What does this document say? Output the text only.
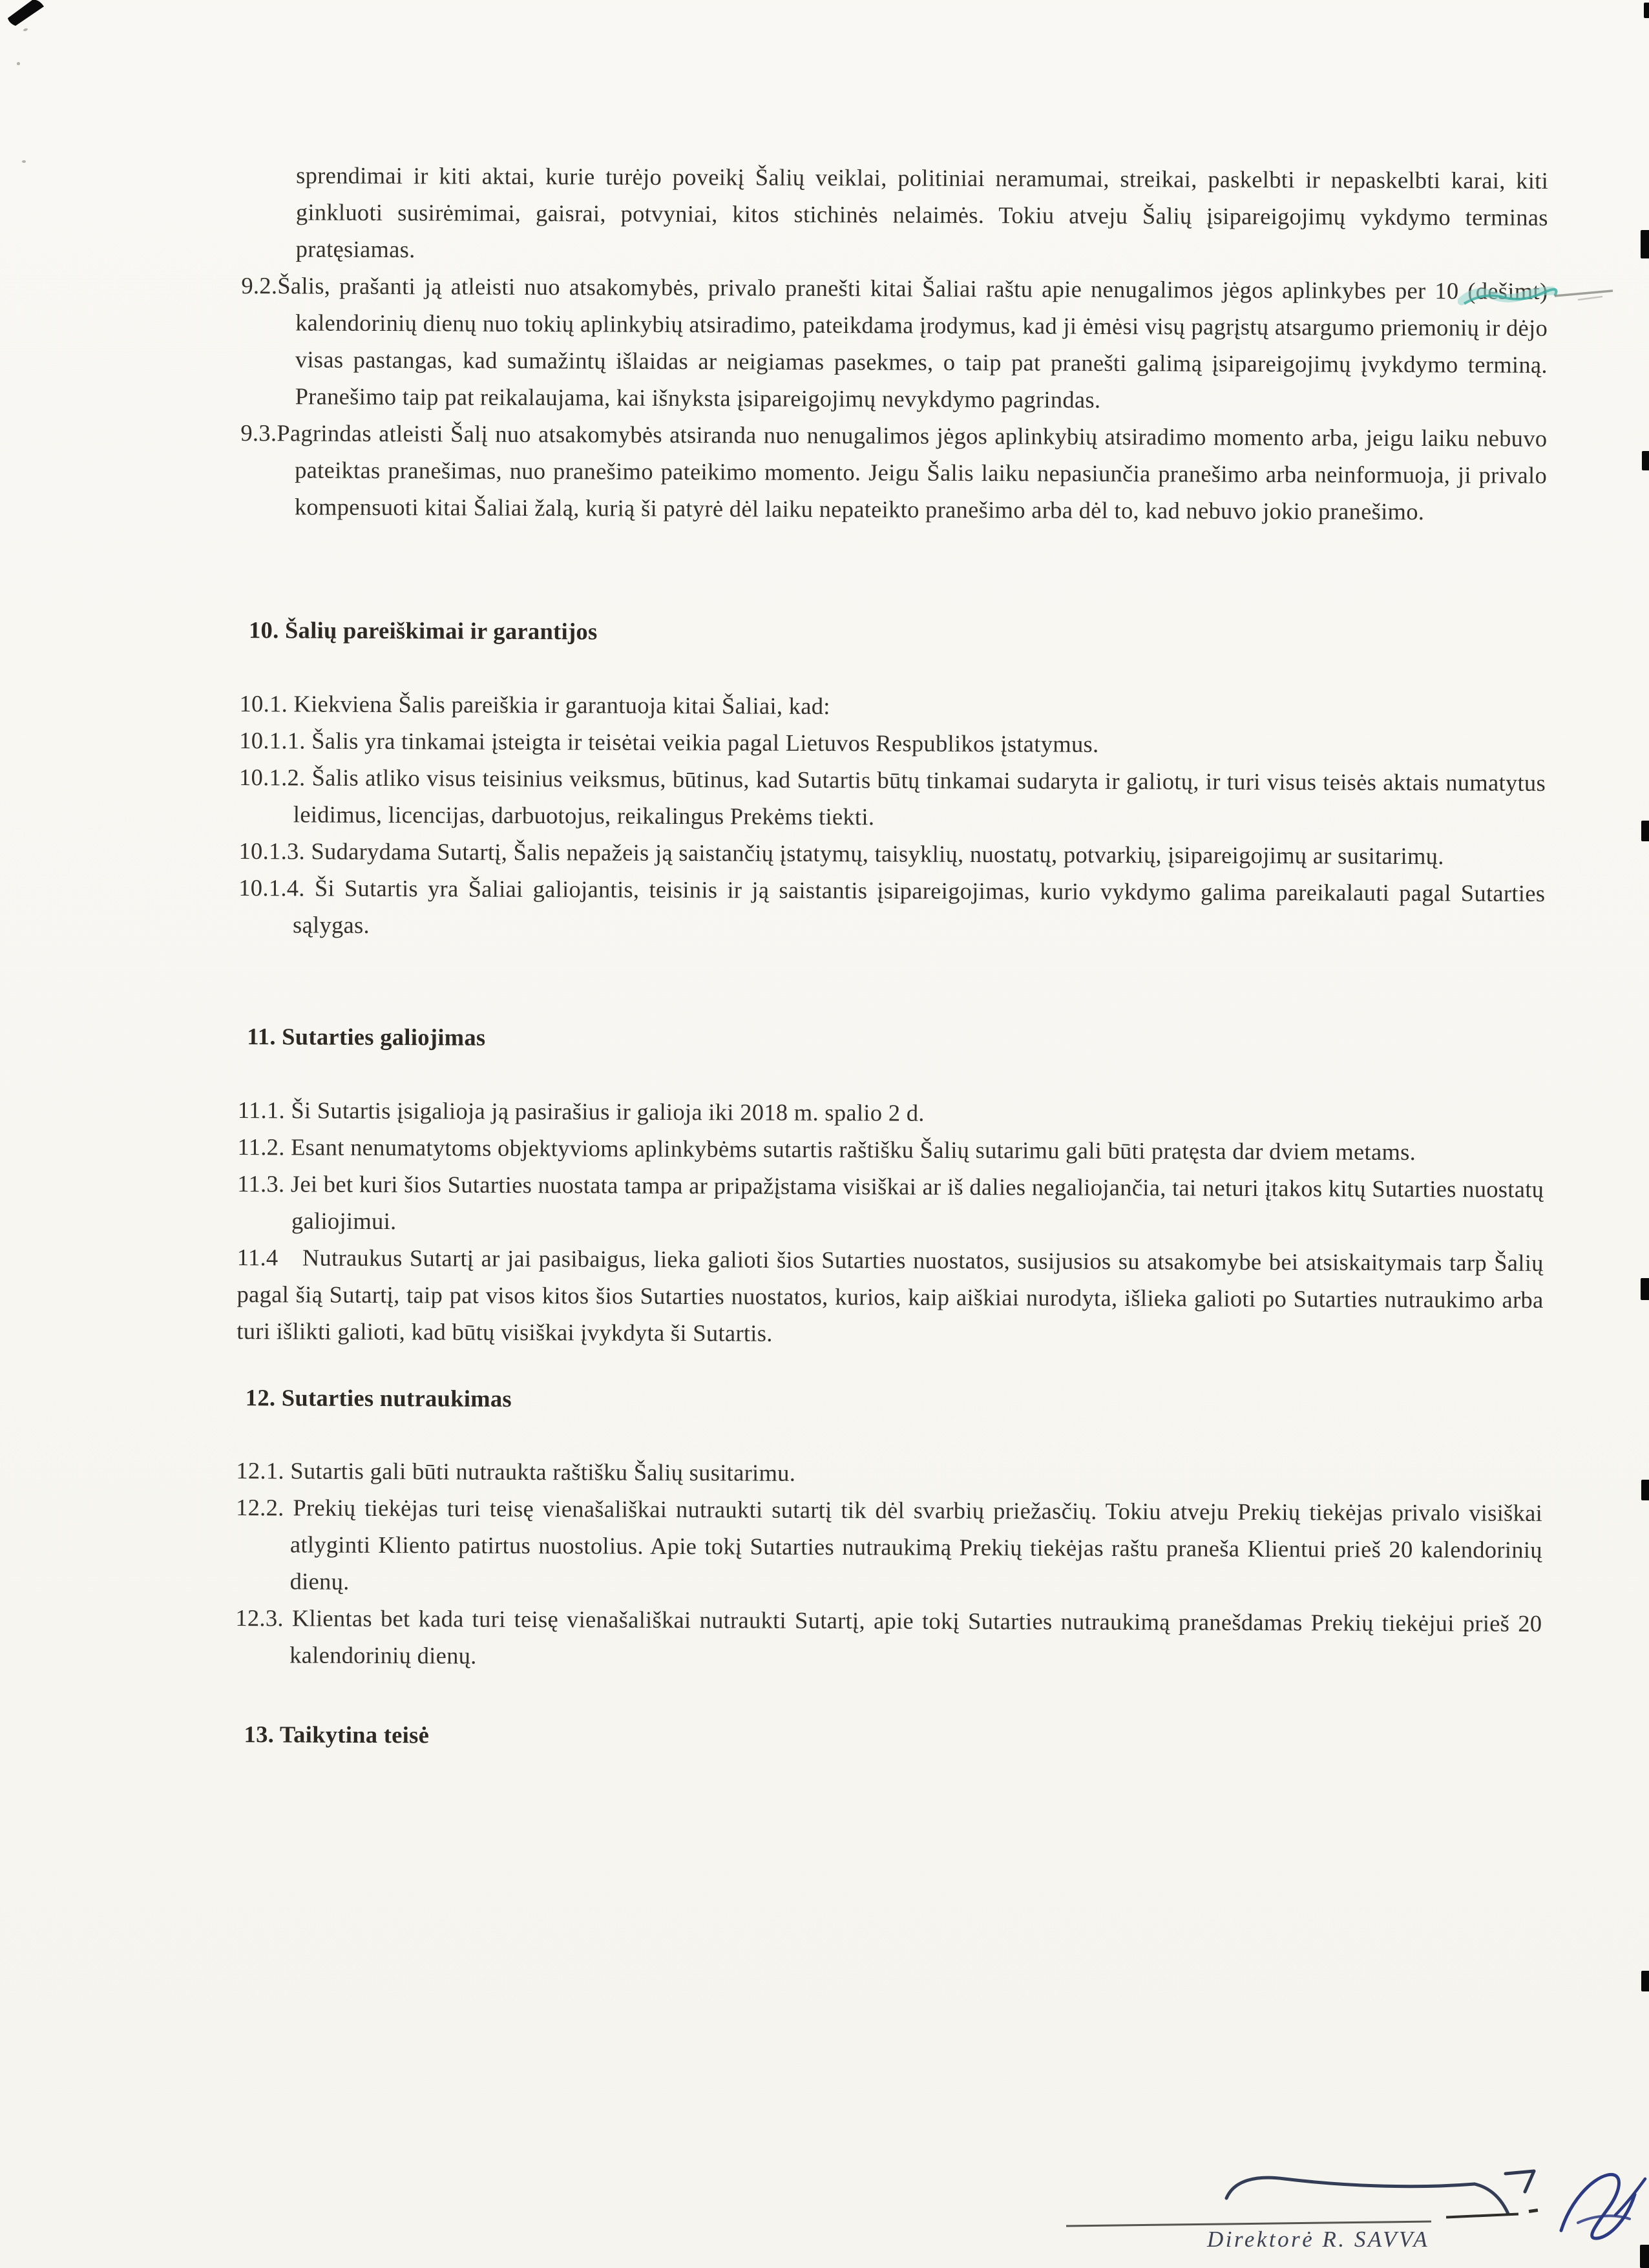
sprendimai ir kiti aktai, kurie turėjo poveikį Šalių veiklai, politiniai neramumai, streikai, paskelbti ir nepaskelbti karai, kiti ginkluoti susirėmimai, gaisrai, potvyniai, kitos stichinės nelaimės. Tokiu atveju Šalių įsipareigojimų vykdymo terminas pratęsiamas.

9.2.Šalis, prašanti ją atleisti nuo atsakomybės, privalo pranešti kitai Šaliai raštu apie nenugalimos jėgos aplinkybes per 10 (dešimt) kalendorinių dienų nuo tokių aplinkybių atsiradimo, pateikdama įrodymus, kad ji ėmėsi visų pagrįstų atsargumo priemonių ir dėjo visas pastangas, kad sumažintų išlaidas ar neigiamas pasekmes, o taip pat pranešti galimą įsipareigojimų įvykdymo terminą. Pranešimo taip pat reikalaujama, kai išnyksta įsipareigojimų nevykdymo pagrindas.

9.3.Pagrindas atleisti Šalį nuo atsakomybės atsiranda nuo nenugalimos jėgos aplinkybių atsiradimo momento arba, jeigu laiku nebuvo pateiktas pranešimas, nuo pranešimo pateikimo momento. Jeigu Šalis laiku nepasiunčia pranešimo arba neinformuoja, ji privalo kompensuoti kitai Šaliai žalą, kurią ši patyrė dėl laiku nepateikto pranešimo arba dėl to, kad nebuvo jokio pranešimo.

10. Šalių pareiškimai ir garantijos

10.1. Kiekviena Šalis pareiškia ir garantuoja kitai Šaliai, kad:

10.1.1. Šalis yra tinkamai įsteigta ir teisėtai veikia pagal Lietuvos Respublikos įstatymus.

10.1.2. Šalis atliko visus teisinius veiksmus, būtinus, kad Sutartis būtų tinkamai sudaryta ir galiotų, ir turi visus teisės aktais numatytus leidimus, licencijas, darbuotojus, reikalingus Prekėms tiekti.

10.1.3. Sudarydama Sutartį, Šalis nepažeis ją saistančių įstatymų, taisyklių, nuostatų, potvarkių, įsipareigojimų ar susitarimų.

10.1.4. Ši Sutartis yra Šaliai galiojantis, teisinis ir ją saistantis įsipareigojimas, kurio vykdymo galima pareikalauti pagal Sutarties sąlygas.

11. Sutarties galiojimas

11.1. Ši Sutartis įsigalioja ją pasirašius ir galioja iki 2018 m. spalio 2 d.

11.2. Esant nenumatytoms objektyvioms aplinkybėms sutartis raštišku Šalių sutarimu gali būti pratęsta dar dviem metams.

11.3. Jei bet kuri šios Sutarties nuostata tampa ar pripažįstama visiškai ar iš dalies negaliojančia, tai neturi įtakos kitų Sutarties nuostatų galiojimui.

11.4 Nutraukus Sutartį ar jai pasibaigus, lieka galioti šios Sutarties nuostatos, susijusios su atsakomybe bei atsiskaitymais tarp Šalių pagal šią Sutartį, taip pat visos kitos šios Sutarties nuostatos, kurios, kaip aiškiai nurodyta, išlieka galioti po Sutarties nutraukimo arba turi išlikti galioti, kad būtų visiškai įvykdyta ši Sutartis.

12. Sutarties nutraukimas

12.1. Sutartis gali būti nutraukta raštišku Šalių susitarimu.

12.2. Prekių tiekėjas turi teisę vienašališkai nutraukti sutartį tik dėl svarbių priežasčių. Tokiu atveju Prekių tiekėjas privalo visiškai atlyginti Kliento patirtus nuostolius. Apie tokį Sutarties nutraukimą Prekių tiekėjas raštu praneša Klientui prieš 20 kalendorinių dienų.

12.3. Klientas bet kada turi teisę vienašališkai nutraukti Sutartį, apie tokį Sutarties nutraukimą pranešdamas Prekių tiekėjui prieš 20 kalendorinių dienų.

13. Taikytina teisė

Direktorė R. SAVVA
